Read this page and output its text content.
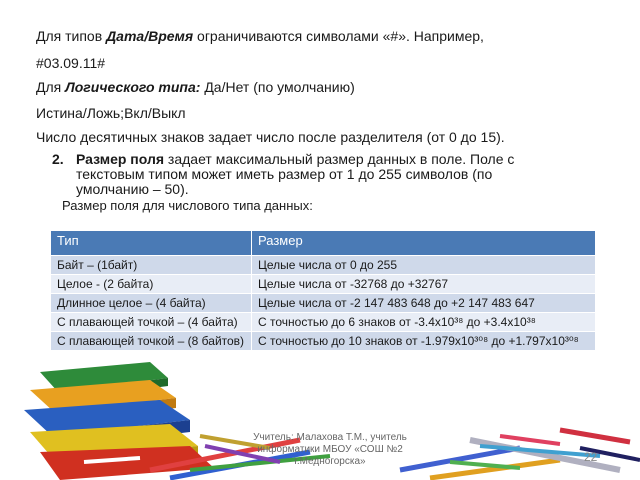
Для типов Дата/Время ограничиваются символами «#». Например,
#03.09.11#
Для Логического типа: Да/Нет (по умолчанию)
Истина/Ложь;Вкл/Выкл
Число десятичных знаков задает число после разделителя (от 0 до 15).
2. Размер поля задает максимальный размер данных в поле. Поле с текстовым типом может иметь размер от 1 до 255 символов (по умолчанию – 50).
Размер поля для числового типа данных:
Тип	Размер
Байт – (1байт)	Целые числа от 0 до 255
Целое - (2 байта)	Целые числа от -32768 до +32767
Длинное целое – (4 байта)	Целые числа от -2 147 483 648 до +2 147 483 647
С плавающей точкой – (4 байта)	С точностью до 6 знаков от -3.4x10³⁸ до +3.4x10³⁸
С плавающей точкой – (8 байтов)	С точностью до 10 знаков от -1.979x10³⁰⁸ до +1.797x10³⁰⁸
Учитель: Малахова Т.М., учитель информатики МБОУ «СОШ №2 г.Медногорска»	22
